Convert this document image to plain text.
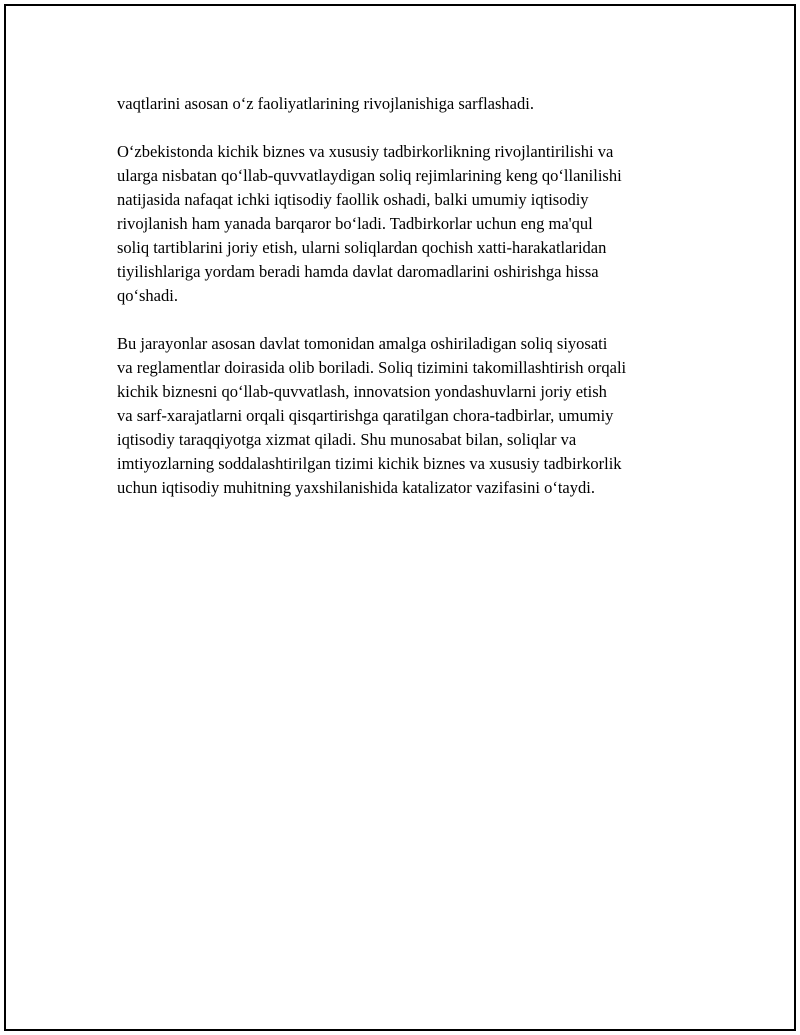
vaqtlarini asosan o‘z faoliyatlarining rivojlanishiga sarflashadi.

O‘zbekistonda kichik biznes va xususiy tadbirkorlikning rivojlantirilishi va
ularga nisbatan qo‘llab-quvvatlaydigan soliq rejimlarining keng qo‘llanilishi
natijasida nafaqat ichki iqtisodiy faollik oshadi, balki umumiy iqtisodiy
rivojlanish ham yanada barqaror bo‘ladi. Tadbirkorlar uchun eng ma'qul
soliq tartiblarini joriy etish, ularni soliqlardan qochish xatti-harakatlaridan
tiyilishlariga yordam beradi hamda davlat daromadlarini oshirishga hissa
qo‘shadi.

Bu jarayonlar asosan davlat tomonidan amalga oshiriladigan soliq siyosati
va reglamentlar doirasida olib boriladi. Soliq tizimini takomillashtirish orqali
kichik biznesni qo‘llab-quvvatlash, innovatsion yondashuvlarni joriy etish
va sarf-xarajatlarni orqali qisqartirishga qaratilgan chora-tadbirlar, umumiy
iqtisodiy taraqqiyotga xizmat qiladi. Shu munosabat bilan, soliqlar va
imtiyozlarning soddalashtirilgan tizimi kichik biznes va xususiy tadbirkorlik
uchun iqtisodiy muhitning yaxshilanishida katalizator vazifasini o‘taydi.
